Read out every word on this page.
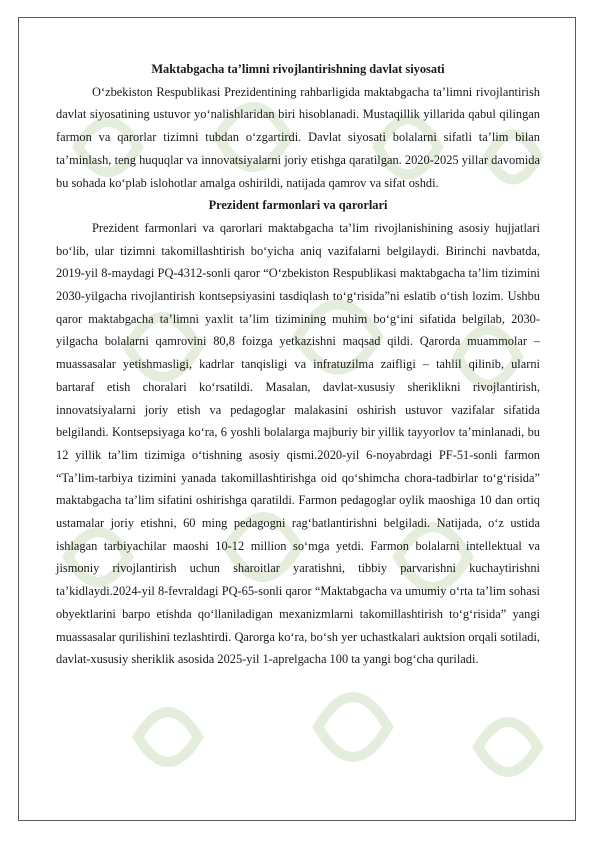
Maktabgacha ta’limni rivojlantirishning davlat siyosati

O‘zbekiston Respublikasi Prezidentining rahbarligida maktabgacha ta’limni rivojlantirish davlat siyosatining ustuvor yo‘nalishlaridan biri hisoblanadi. Mustaqillik yillarida qabul qilingan farmon va qarorlar tizimni tubdan o‘zgartirdi. Davlat siyosati bolalarni sifatli ta’lim bilan ta’minlash, teng huquqlar va innovatsiyalarni joriy etishga qaratilgan. 2020-2025 yillar davomida bu sohada ko‘plab islohotlar amalga oshirildi, natijada qamrov va sifat oshdi.

Prezident farmonlari va qarorlari

Prezident farmonlari va qarorlari maktabgacha ta’lim rivojlanishining asosiy hujjatlari bo‘lib, ular tizimni takomillashtirish bo‘yicha aniq vazifalarni belgilaydi. Birinchi navbatda, 2019-yil 8-maydagi PQ-4312-sonli qaror “O‘zbekiston Respublikasi maktabgacha ta’lim tizimini 2030-yilgacha rivojlantirish kontsepsiyasini tasdiqlash to‘g‘risida”ni eslatib o‘tish lozim. Ushbu qaror maktabgacha ta’limni yaxlit ta’lim tizimining muhim bo‘g‘ini sifatida belgilab, 2030-yilgacha bolalarni qamrovini 80,8 foizga yetkazishni maqsad qildi. Qarorda muammolar – muassasalar yetishmasligi, kadrlar tanqisligi va infratuzilma zaifligi – tahlil qilinib, ularni bartaraf etish choralari ko‘rsatildi. Masalan, davlat-xususiy sheriklikni rivojlantirish, innovatsiyalarni joriy etish va pedagoglar malakasini oshirish ustuvor vazifalar sifatida belgilandi. Kontsepsiyaga ko‘ra, 6 yoshli bolalarga majburiy bir yillik tayyorlov ta’minlanadi, bu 12 yillik ta’lim tizimiga o‘tishning asosiy qismi.2020-yil 6-noyabrdagi PF-51-sonli farmon “Ta’lim-tarbiya tizimini yanada takomillashtirishga oid qo‘shimcha chora-tadbirlar to‘g‘risida” maktabgacha ta’lim sifatini oshirishga qaratildi. Farmon pedagoglar oylik maoshiga 10 dan ortiq ustamalar joriy etishni, 60 ming pedagogni rag‘batlantirishni belgiladi. Natijada, o‘z ustida ishlagan tarbiyachilar maoshi 10-12 million so‘mga yetdi. Farmon bolalarni intellektual va jismoniy rivojlantirish uchun sharoitlar yaratishni, tibbiy parvarishni kuchaytirishni ta’kidlaydi.2024-yil 8-fevraldagi PQ-65-sonli qaror “Maktabgacha va umumiy o‘rta ta’lim sohasi obyektlarini barpo etishda qo‘llaniladigan mexanizmlarni takomillashtirish to‘g‘risida” yangi muassasalar qurilishini tezlashtirdi. Qarorga ko‘ra, bo‘sh yer uchastkalari auktsion orqali sotiladi, davlat-xususiy sheriklik asosida 2025-yil 1-aprelgacha 100 ta yangi bog‘cha quriladi.
